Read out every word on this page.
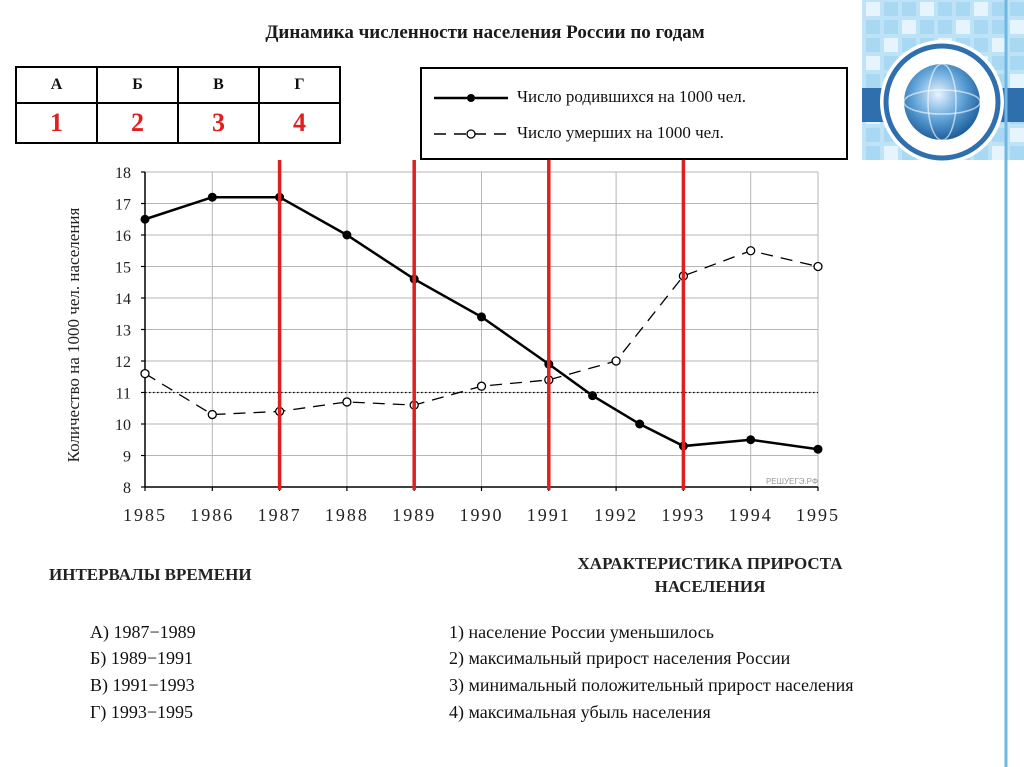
Динамика численности населения России по годам
А	Б	В	Г
1	2	3	4
Число родившихся на 1000 чел.
Число умерших на 1000 чел.
8
9
10
11
12
13
14
15
16
17
18
1985 1986 1987 1988 1989 1990 1991 1992 1993 1994 1995
Количество на 1000 чел. населения
РЕШУЕГЭ.РФ
ИНТЕРВАЛЫ ВРЕМЕНИ
А) 1987−1989
Б) 1989−1991
В) 1991−1993
Г) 1993−1995
ХАРАКТЕРИСТИКА ПРИРОСТА
НАСЕЛЕНИЯ
1) население России уменьшилось
2) максимальный прирост населения России
3) минимальный положительный прирост населения
4) максимальная убыль населения
